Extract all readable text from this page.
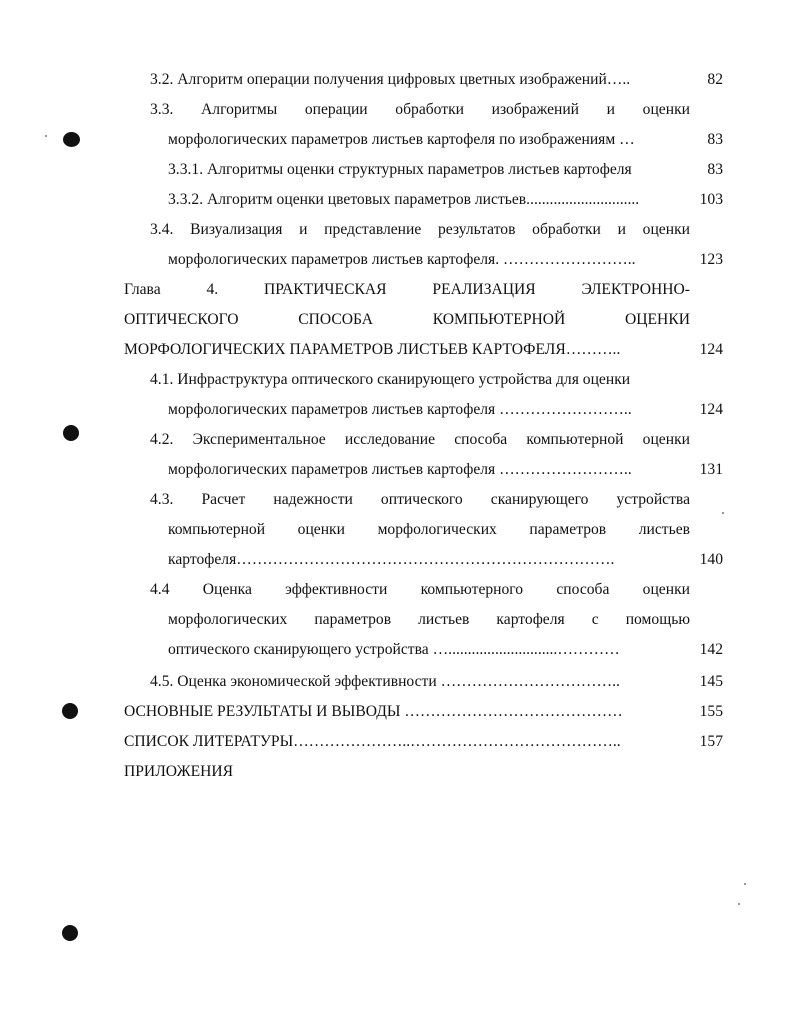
3.2. Алгоритм операции получения цифровых цветных изображений…..	82
3.3. Алгоритмы операции обработки изображений и оценки
морфологических параметров листьев картофеля по изображениям …	83
3.3.1. Алгоритмы оценки структурных параметров листьев картофеля	83
3.3.2. Алгоритм оценки цветовых параметров листьев.............................	103
3.4. Визуализация и представление результатов обработки и оценки
морфологических параметров листьев картофеля. ……………………..	123
Глава 4. ПРАКТИЧЕСКАЯ РЕАЛИЗАЦИЯ ЭЛЕКТРОННО-
ОПТИЧЕСКОГО СПОСОБА КОМПЬЮТЕРНОЙ ОЦЕНКИ
МОРФОЛОГИЧЕСКИХ ПАРАМЕТРОВ ЛИСТЬЕВ КАРТОФЕЛЯ………..	124
4.1. Инфраструктура оптического сканирующего устройства для оценки
морфологических параметров листьев картофеля ……………………..	124
4.2. Экспериментальное исследование способа компьютерной оценки
морфологических параметров листьев картофеля ……………………..	131
4.3. Расчет надежности оптического сканирующего устройства
компьютерной оценки морфологических параметров листьев
картофеля……………………………………………………………….	140
4.4 Оценка эффективности компьютерного способа оценки
морфологических параметров листьев картофеля с помощью
оптического сканирующего устройства …............................…………	142
4.5. Оценка экономической эффективности ……………………………..	145
ОСНОВНЫЕ РЕЗУЛЬТАТЫ И ВЫВОДЫ ……………………………………	155
СПИСОК ЛИТЕРАТУРЫ…………………..…………………………………..	157
ПРИЛОЖЕНИЯ
